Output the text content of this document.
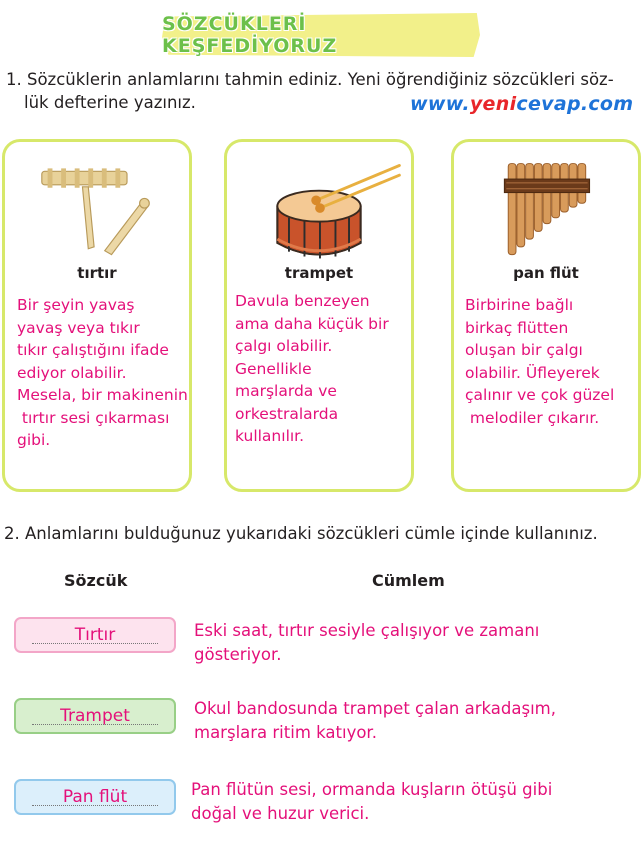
SÖZCÜKLERİ KEŞFEDİYORUZ
1. Sözcüklerin anlamlarını tahmin ediniz. Yeni öğrendiğiniz sözcükleri söz-
lük defterine yazınız.	www.yenicevap.com
tırtır
Bir şeyin yavaş
yavaş veya tıkır
tıkır çalıştığını ifade
ediyor olabilir.
Mesela, bir makinenin
tırtır sesi çıkarması
gibi.
trampet
Davula benzeyen
ama daha küçük bir
çalgı olabilir.
Genellikle
marşlarda ve
orkestralarda
kullanılır.
pan flüt
Birbirine bağlı
birkaç flütten
oluşan bir çalgı
olabilir. Üfleyerek
çalınır ve çok güzel
melodiler çıkarır.
2. Anlamlarını bulduğunuz yukarıdaki sözcükleri cümle içinde kullanınız.
Sözcük	Cümlem
Tırtır	Eski saat, tırtır sesiyle çalışıyor ve zamanı
gösteriyor.
Trampet	Okul bandosunda trampet çalan arkadaşım,
marşlara ritim katıyor.
Pan flüt	Pan flütün sesi, ormanda kuşların ötüşü gibi
doğal ve huzur verici.
